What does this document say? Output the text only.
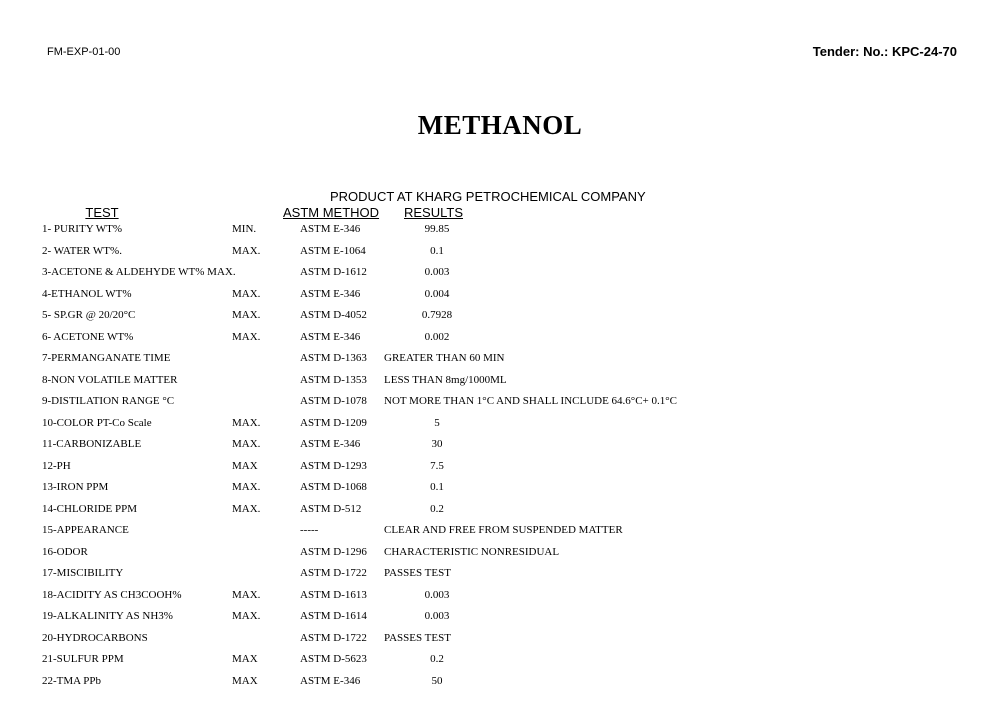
FM-EXP-01-00	Tender: No.: KPC-24-70
METHANOL
PRODUCT AT KHARG PETROCHEMICAL COMPANY
TEST	ASTM METHOD RESULTS
1- PURITY WT%	MIN.	ASTM E-346	99.85
2- WATER WT%.	MAX.	ASTM E-1064	0.1
3-ACETONE & ALDEHYDE WT% MAX.	ASTM D-1612	0.003
4-ETHANOL WT%	MAX.	ASTM E-346	0.004
5- SP.GR @ 20/20°C	MAX.	ASTM D-4052	0.7928
6- ACETONE WT%	MAX.	ASTM E-346	0.002
7-PERMANGANATE TIME	ASTM D-1363 GREATER THAN 60 MIN
8-NON VOLATILE MATTER	ASTM D-1353 LESS THAN 8mg/1000ML
9-DISTILATION RANGE °C	ASTM D-1078 NOT MORE THAN 1°C AND SHALL INCLUDE 64.6°C+ 0.1°C
10-COLOR PT-Co Scale	MAX.	ASTM D-1209	5
11-CARBONIZABLE	MAX.	ASTM E-346	30
12-PH	MAX	ASTM D-1293	7.5
13-IRON PPM	MAX.	ASTM D-1068	0.1
14-CHLORIDE PPM	MAX.	ASTM D-512	0.2
15-APPEARANCE	-----	CLEAR AND FREE FROM SUSPENDED MATTER
16-ODOR	ASTM D-1296 CHARACTERISTIC NONRESIDUAL
17-MISCIBILITY	ASTM D-1722 PASSES TEST
18-ACIDITY AS CH3COOH%	MAX.	ASTM D-1613	0.003
19-ALKALINITY AS NH3%	MAX.	ASTM D-1614	0.003
20-HYDROCARBONS	ASTM D-1722 PASSES TEST
21-SULFUR PPM	MAX	ASTM D-5623	0.2
22-TMA PPb	MAX	ASTM E-346	50
